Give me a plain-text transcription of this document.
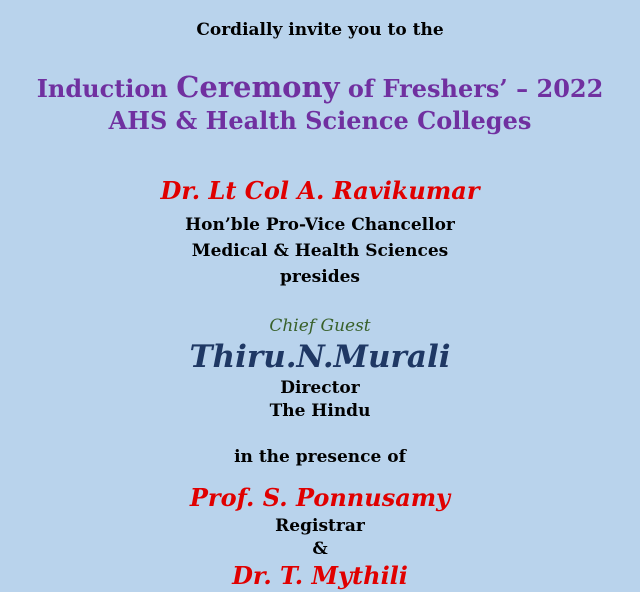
Cordially invite you to the

Induction Ceremony of Freshers’ – 2022

AHS & Health Science Colleges

Dr. Lt Col A. Ravikumar

Hon’ble Pro-Vice Chancellor

Medical & Health Sciences

presides

Chief Guest

Thiru.N.Murali

Director

The Hindu

in the presence of

Prof. S. Ponnusamy

Registrar

&

Dr. T. Mythili
